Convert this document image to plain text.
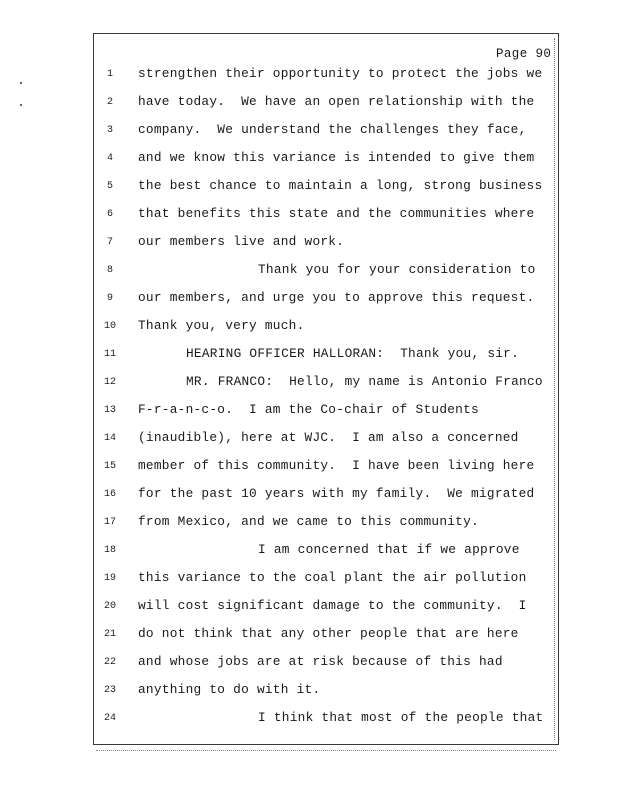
Page 90
1	strengthen their opportunity to protect the jobs we
2	have today.  We have an open relationship with the
3	company.  We understand the challenges they face,
4	and we know this variance is intended to give them
5	the best chance to maintain a long, strong business
6	that benefits this state and the communities where
7	our members live and work.
8	Thank you for your consideration to
9	our members, and urge you to approve this request.
10	Thank you, very much.
11	HEARING OFFICER HALLORAN:  Thank you, sir.
12	MR. FRANCO:  Hello, my name is Antonio Franco
13	F-r-a-n-c-o.  I am the Co-chair of Students
14	(inaudible), here at WJC.  I am also a concerned
15	member of this community.  I have been living here
16	for the past 10 years with my family.  We migrated
17	from Mexico, and we came to this community.
18	I am concerned that if we approve
19	this variance to the coal plant the air pollution
20	will cost significant damage to the community.  I
21	do not think that any other people that are here
22	and whose jobs are at risk because of this had
23	anything to do with it.
24	I think that most of the people that
